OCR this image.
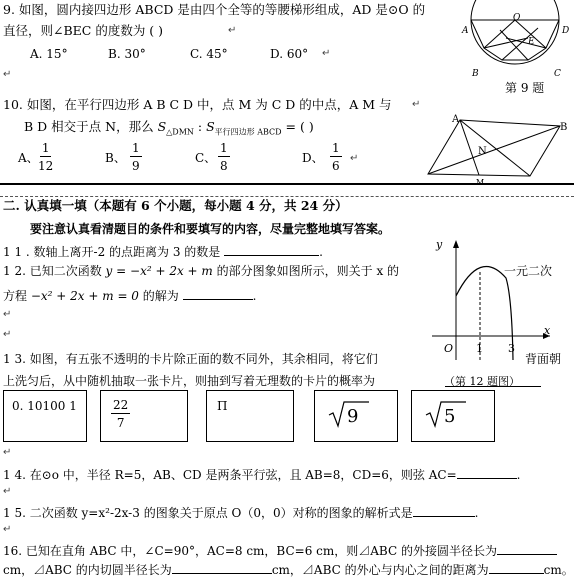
9. 如图，圆内接四边形 ABCD 是由四个全等的等腰梯形组成，AD 是⊙O 的
直径，则∠BEC 的度数为 ( )	↵
A. 15°	B. 30°	C. 45°	D. 60° ↵
↵
A	D
O
E
B	C
第 9 题
10. 如图，在平行四边形 A B C D 中，点 M 为 C D 的中点，A M 与 ↵
B D 相交于点 N，那么 $S_{\triangle DMN}$ : $S_{平行四边形 ABCD}$ = ( )
A、 $\frac{1}{12}$	B、 $\frac{1}{9}$	C、 $\frac{1}{8}$	D、 $\frac{1}{6}$ ↵
A
B
N
M
二. 认真填一填（本题有 6 个小题，每小题 4 分，共 24 分）
要注意认真看清题目的条件和要填写的内容，尽量完整地填写答案。
1 1 . 数轴上离开-2 的点距离为 3 的数是	.
1 2. 已知二次函数 y = −x² + 2x + m 的部分图象如图所示，则关于 x 的	一元二次
方程 −x² + 2x + m = 0 的解为	.
↵
↵
y
x
O 1 3
1 3. 如图，有五张不透明的卡片除正面的数不同外，其余相同，将它们	背面朝
上洗匀后，从中随机抽取一张卡片，则抽到写着无理数的卡片的概率为	（第 12 题图）
0. 10100 1	$\frac{22}{7}$	Π	9	5
↵
1 4. 在⊙o 中，半径 R=5，AB、CD 是两条平行弦，且 AB=8，CD=6，则弦 AC=	.
↵
1 5. 二次函数 y=x²-2x-3 的图象关于原点 O（0，0）对称的图象的解析式是	.
↵
16. 已知在直角 ABC 中，∠C=90°，AC=8 cm，BC=6 cm，则⊿ABC 的外接圆半径长为
cm，⊿ABC 的内切圆半径长为	cm，⊿ABC 的外心与内心之间的距离为	cm。
